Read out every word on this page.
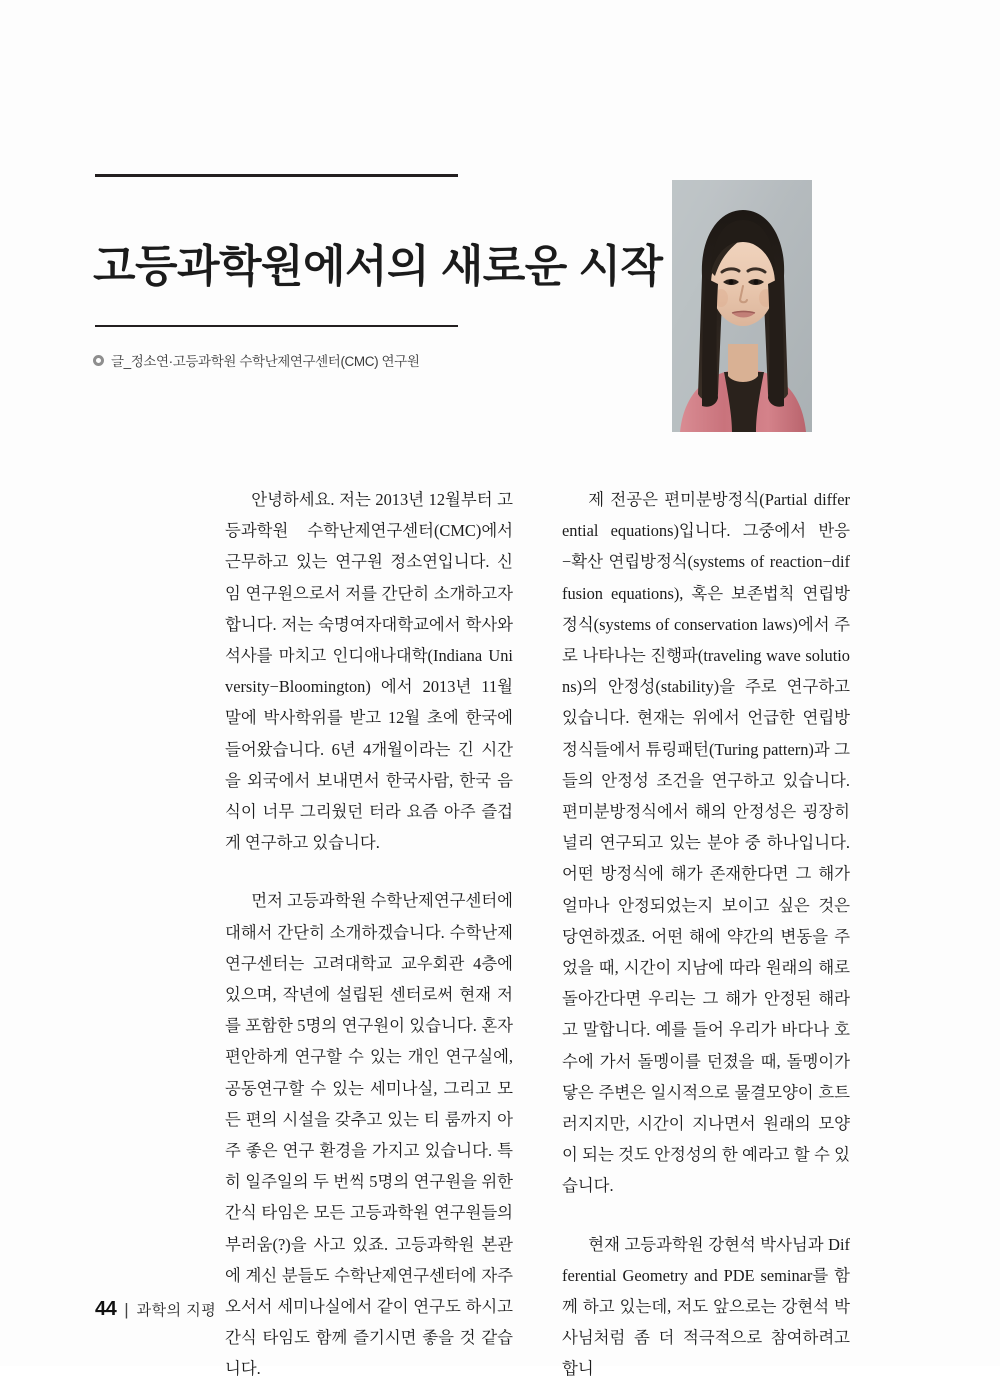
고등과학원에서의 새로운 시작
글_정소연·고등과학원 수학난제연구센터(CMC) 연구원

안녕하세요. 저는 2013년 12월부터 고등과학원 수학난제연구센터(CMC)에서 근무하고 있는 연구원 정소연입니다. 신임 연구원으로서 저를 간단히 소개하고자 합니다. 저는 숙명여자대학교에서 학사와 석사를 마치고 인디애나대학(Indiana University−Bloomington) 에서 2013년 11월 말에 박사학위를 받고 12월 초에 한국에 들어왔습니다. 6년 4개월이라는 긴 시간을 외국에서 보내면서 한국사람, 한국 음식이 너무 그리웠던 터라 요즘 아주 즐겁게 연구하고 있습니다.

먼저 고등과학원 수학난제연구센터에 대해서 간단히 소개하겠습니다. 수학난제연구센터는 고려대학교 교우회관 4층에 있으며, 작년에 설립된 센터로써 현재 저를 포함한 5명의 연구원이 있습니다. 혼자 편안하게 연구할 수 있는 개인 연구실에, 공동연구할 수 있는 세미나실, 그리고 모든 편의 시설을 갖추고 있는 티 룸까지 아주 좋은 연구 환경을 가지고 있습니다. 특히 일주일의 두 번씩 5명의 연구원을 위한 간식 타임은 모든 고등과학원 연구원들의 부러움(?)을 사고 있죠. 고등과학원 본관에 계신 분들도 수학난제연구센터에 자주 오서서 세미나실에서 같이 연구도 하시고 간식 타임도 함께 즐기시면 좋을 것 같습니다.

제 전공은 편미분방정식(Partial differential equations)입니다. 그중에서 반응−확산 연립방정식(systems of reaction−diffusion equations), 혹은 보존법칙 연립방정식(systems of conservation laws)에서 주로 나타나는 진행파(traveling wave solutions)의 안정성(stability)을 주로 연구하고 있습니다. 현재는 위에서 언급한 연립방정식들에서 튜링패턴(Turing pattern)과 그들의 안정성 조건을 연구하고 있습니다. 편미분방정식에서 해의 안정성은 굉장히 널리 연구되고 있는 분야 중 하나입니다. 어떤 방정식에 해가 존재한다면 그 해가 얼마나 안정되었는지 보이고 싶은 것은 당연하겠죠. 어떤 해에 약간의 변동을 주었을 때, 시간이 지남에 따라 원래의 해로 돌아간다면 우리는 그 해가 안정된 해라고 말합니다. 예를 들어 우리가 바다나 호수에 가서 돌멩이를 던졌을 때, 돌멩이가 닿은 주변은 일시적으로 물결모양이 흐트러지지만, 시간이 지나면서 원래의 모양이 되는 것도 안정성의 한 예라고 할 수 있습니다.

현재 고등과학원 강현석 박사님과 Differential Geometry and PDE seminar를 함께 하고 있는데, 저도 앞으로는 강현석 박사님처럼 좀 더 적극적으로 참여하려고 합니

44 | 과학의 지평
